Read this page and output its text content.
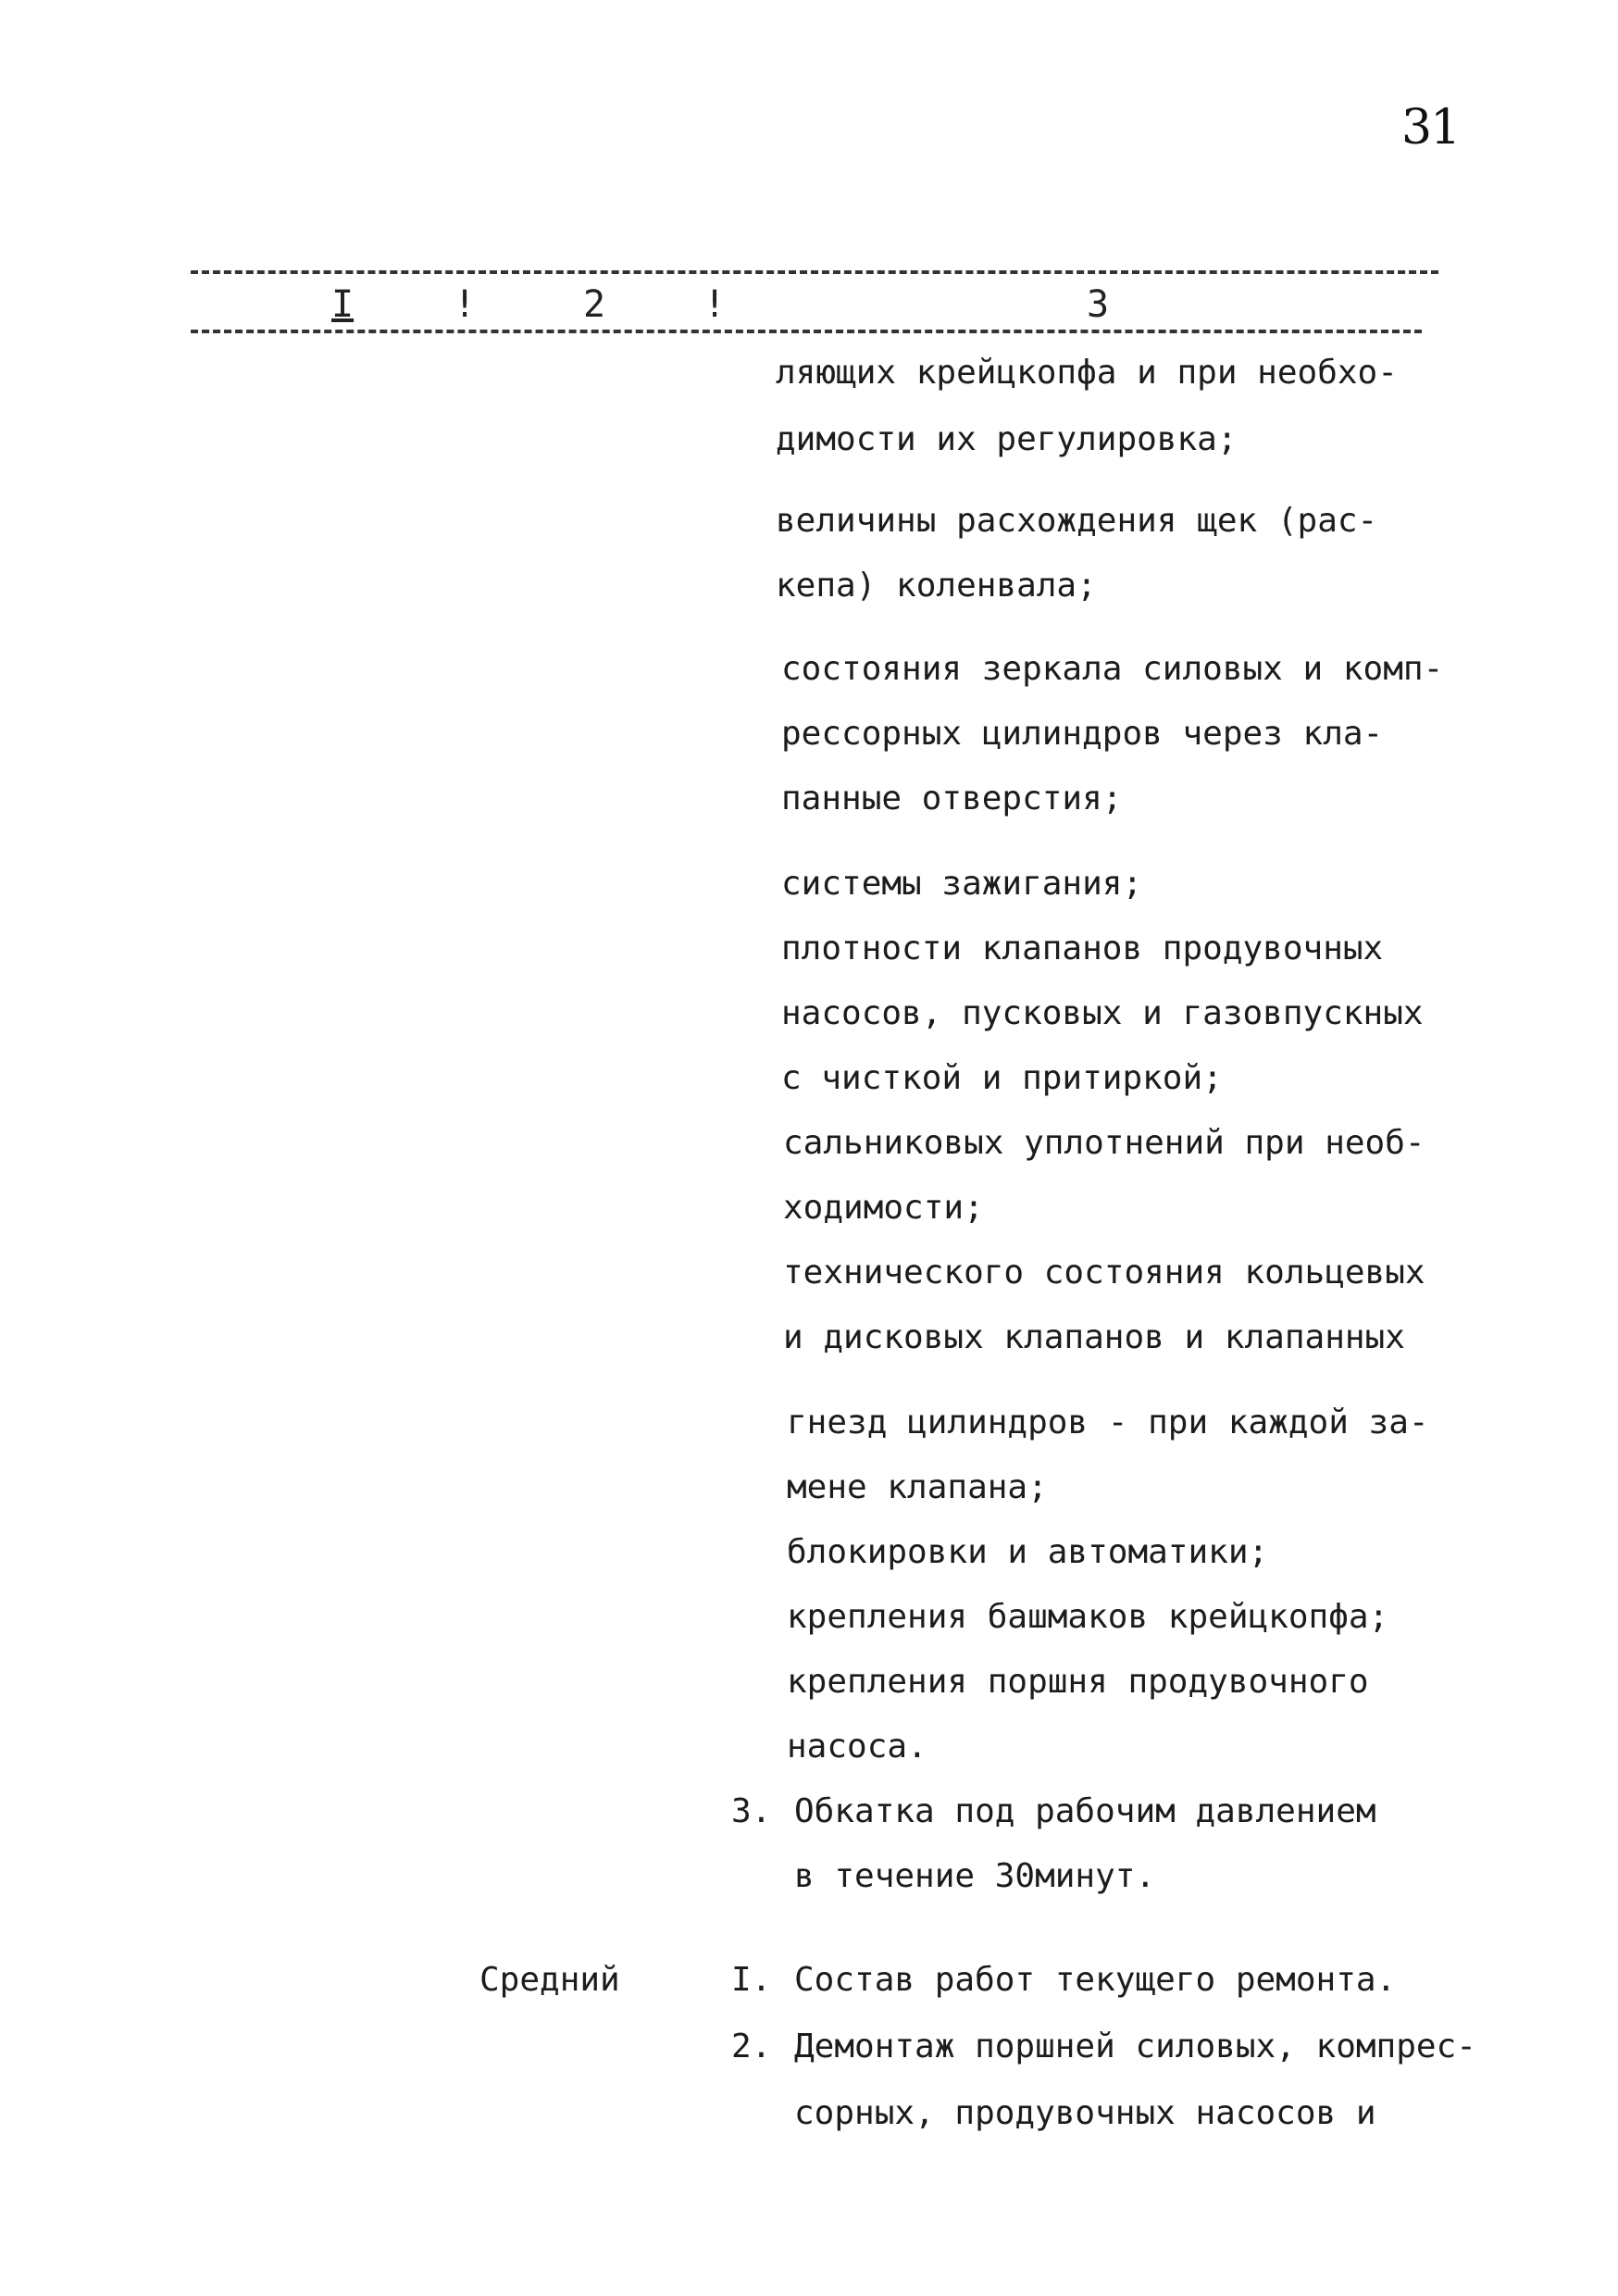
31
I	!	2	!	3
ляющих крейцкопфа и при необхо-
димости их регулировка;
величины расхождения щек (рас-
кепа) коленвала;
состояния зеркала силовых и комп-
рессорных цилиндров через кла-
панные отверстия;
системы зажигания;
плотности клапанов продувочных
насосов, пусковых и газовпускных
с чисткой и притиркой;
сальниковых уплотнений при необ-
ходимости;
технического состояния кольцевых
и дисковых клапанов и клапанных
гнезд цилиндров - при каждой за-
мене клапана;
блокировки и автоматики;
крепления башмаков крейцкопфа;
крепления поршня продувочного
насоса.
3. Обкатка под рабочим давлением
в течение 30минут.
Средний	I. Состав работ текущего ремонта.
2. Демонтаж поршней силовых, компрес-
сорных, продувочных насосов и
